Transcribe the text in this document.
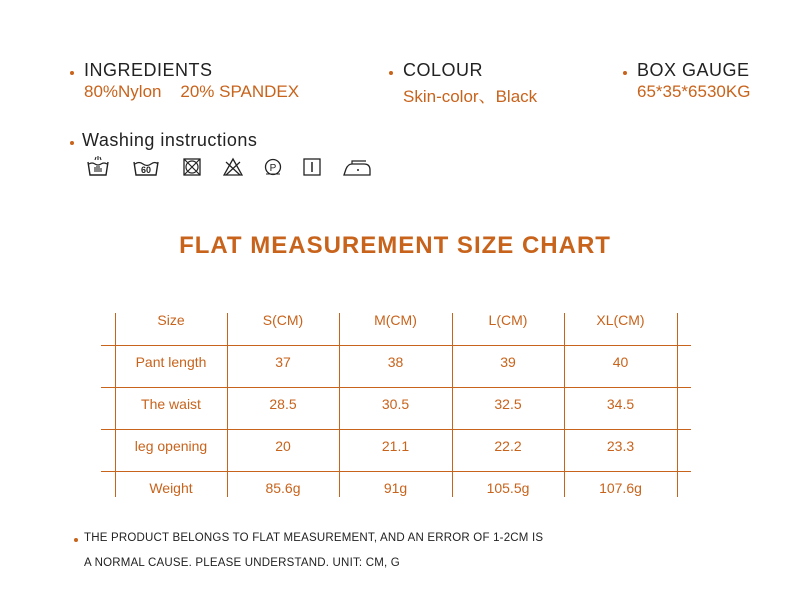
INGREDIENTS
80%Nylon    20% SPANDEX
COLOUR
Skin-color、Black
BOX GAUGE
65*35*6530KG
Washing instructions
60	P
FLAT MEASUREMENT SIZE CHART
Size	S(CM)	M(CM)	L(CM)	XL(CM)
Pant length	37	38	39	40
The waist	28.5	30.5	32.5	34.5
leg opening	20	21.1	22.2	23.3
Weight	85.6g	91g	105.5g	107.6g
THE PRODUCT BELONGS TO FLAT MEASUREMENT, AND AN ERROR OF 1-2CM IS
A NORMAL CAUSE. PLEASE UNDERSTAND. UNIT: CM, G
